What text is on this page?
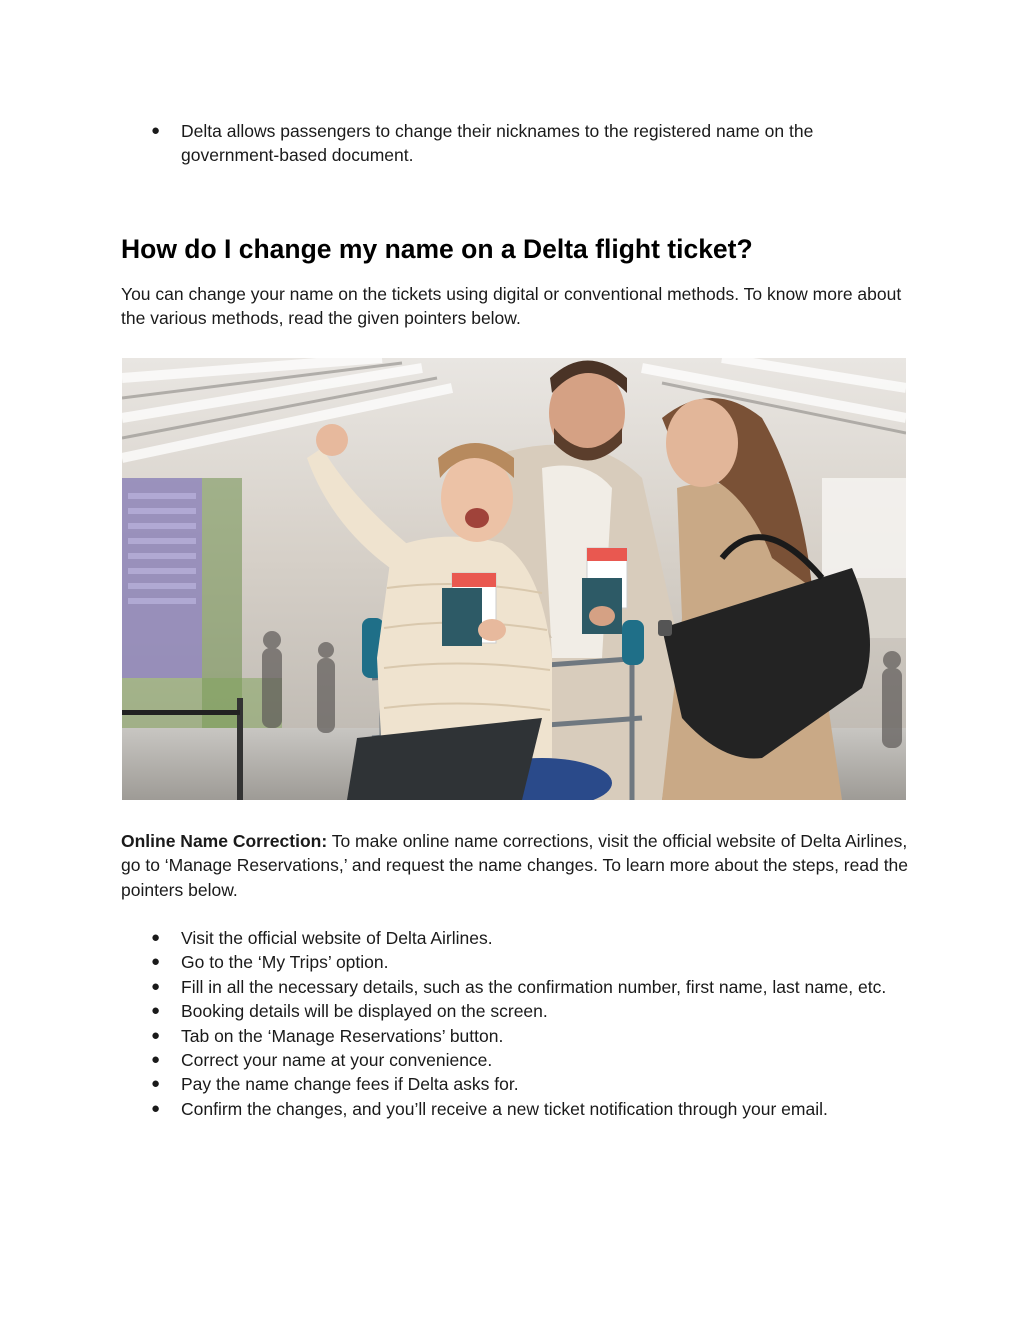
● Delta allows passengers to change their nicknames to the registered name on the government-based document.
How do I change my name on a Delta flight ticket?

You can change your name on the tickets using digital or conventional methods. To know more about the various methods, read the given pointers below.

Online Name Correction: To make online name corrections, visit the official website of Delta Airlines, go to ‘Manage Reservations,’ and request the name changes. To learn more about the steps, read the pointers below.

● Visit the official website of Delta Airlines.
● Go to the ‘My Trips’ option.
● Fill in all the necessary details, such as the confirmation number, first name, last name, etc.
● Booking details will be displayed on the screen.
● Tab on the ‘Manage Reservations’ button.
● Correct your name at your convenience.
● Pay the name change fees if Delta asks for.
● Confirm the changes, and you’ll receive a new ticket notification through your email.
